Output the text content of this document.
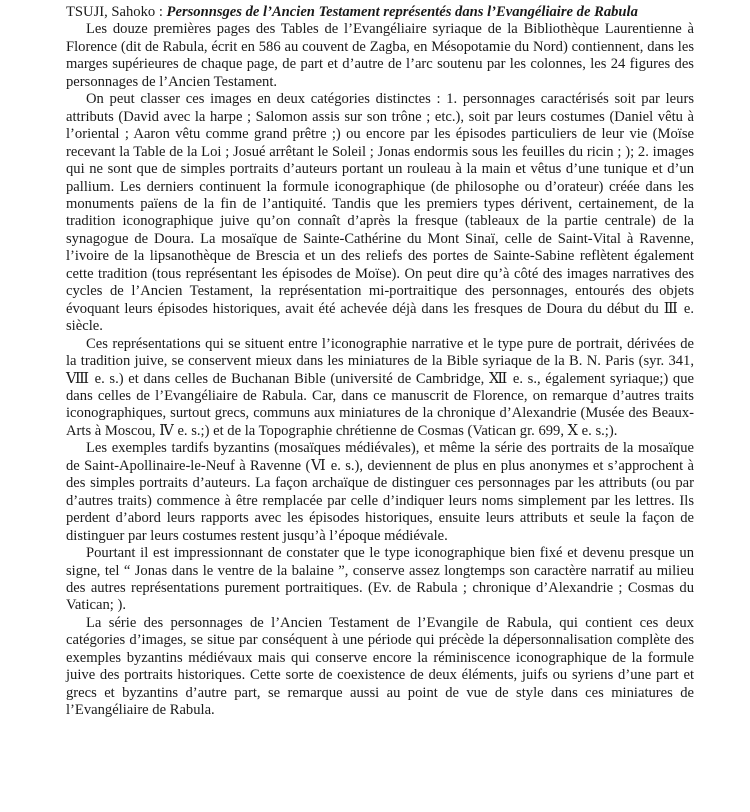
TSUJI, Sahoko : Personnsges de l’Ancien Testament représentés dans l’Evangéliaire de Rabula

Les douze premières pages des Tables de l’Evangéliaire syriaque de la Bibliothèque Laurentienne à Florence (dit de Rabula, écrit en 586 au couvent de Zagba, en Mésopotamie du Nord) contiennent, dans les marges supérieures de chaque page, de part et d’autre de l’arc soutenu par les colonnes, les 24 figures des personnages de l’Ancien Testament.

On peut classer ces images en deux catégories distinctes : 1. personnages caractérisés soit par leurs attributs (David avec la harpe ; Salomon assis sur son trône ; etc.), soit par leurs costumes (Daniel vêtu à l’oriental ; Aaron vêtu comme grand prêtre ;) ou encore par les épisodes particuliers de leur vie (Moïse recevant la Table de la Loi ; Josué arrêtant le Soleil ; Jonas endormis sous les feuilles du ricin ; ); 2. images qui ne sont que de simples portraits d’auteurs portant un rouleau à la main et vêtus d’une tunique et d’un pallium. Les derniers continuent la formule iconographique (de philosophe ou d’orateur) créée dans les monuments païens de la fin de l’antiquité. Tandis que les premiers types dérivent, certainement, de la tradition iconographique juive qu’on connaît d’après la fresque (tableaux de la partie centrale) de la synagogue de Doura. La mosaïque de Sainte-Cathérine du Mont Sinaï, celle de Saint-Vital à Ravenne, l’ivoire de la lipsanothèque de Brescia et un des reliefs des portes de Sainte-Sabine reflètent également cette tradition (tous représentant les épisodes de Moïse). On peut dire qu’à côté des images narratives des cycles de l’Ancien Testament, la représentation mi-portraitique des personnages, entourés des objets évoquant leurs épisodes historiques, avait été achevée déjà dans les fresques de Doura du début du Ⅲ e. siècle.

Ces représentations qui se situent entre l’iconographie narrative et le type pure de portrait, dérivées de la tradition juive, se conservent mieux dans les miniatures de la Bible syriaque de la B. N. Paris (syr. 341, Ⅷ e. s.) et dans celles de Buchanan Bible (université de Cambridge, Ⅻ e. s., également syriaque;) que dans celles de l’Evangéliaire de Rabula. Car, dans ce manuscrit de Florence, on remarque d’autres traits iconographiques, surtout grecs, communs aux miniatures de la chronique d’Alexandrie (Musée des Beaux-Arts à Moscou, Ⅳ e. s.;) et de la Topographie chrétienne de Cosmas (Vatican gr. 699, Ⅹ e. s.;).

Les exemples tardifs byzantins (mosaïques médiévales), et même la série des portraits de la mosaïque de Saint-Apollinaire-le-Neuf à Ravenne (Ⅵ e. s.), deviennent de plus en plus anonymes et s’approchent à des simples portraits d’auteurs. La façon archaïque de distinguer ces personnages par les attributs (ou par d’autres traits) commence à être remplacée par celle d’indiquer leurs noms simplement par les lettres. Ils perdent d’abord leurs rapports avec les épisodes historiques, ensuite leurs attributs et seule la façon de distinguer par leurs costumes restent jusqu’à l’époque médiévale.

Pourtant il est impressionnant de constater que le type iconographique bien fixé et devenu presque un signe, tel “ Jonas dans le ventre de la balaine ”, conserve assez longtemps son caractère narratif au milieu des autres représentations purement portraitiques. (Ev. de Rabula ; chronique d’Alexandrie ; Cosmas du Vatican; ).

La série des personnages de l’Ancien Testament de l’Evangile de Rabula, qui contient ces deux catégories d’images, se situe par conséquent à une période qui précède la dépersonnalisation complète des exemples byzantins médiévaux mais qui conserve encore la réminiscence iconographique de la formule juive des portraits historiques. Cette sorte de coexistence de deux éléments, juifs ou syriens d’une part et grecs et byzantins d’autre part, se remarque aussi au point de vue de style dans ces miniatures de l’Evangéliaire de Rabula.
